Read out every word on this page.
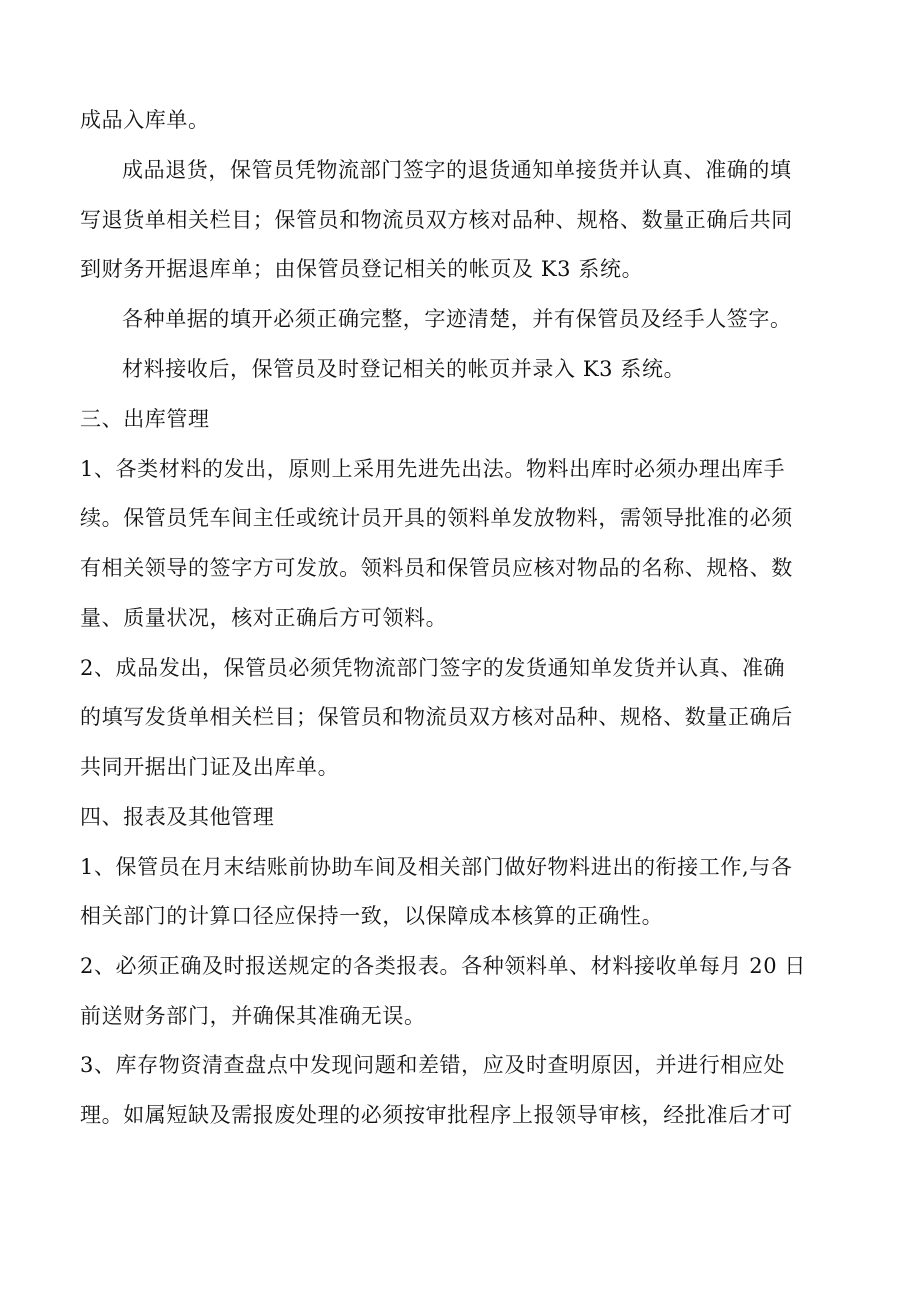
成品入库单。
成品退货，保管员凭物流部门签字的退货通知单接货并认真、准确的填
写退货单相关栏目；保管员和物流员双方核对品种、规格、数量正确后共同
到财务开据退库单；由保管员登记相关的帐页及 K3 系统。
各种单据的填开必须正确完整，字迹清楚，并有保管员及经手人签字。
材料接收后，保管员及时登记相关的帐页并录入 K3 系统。
三、出库管理
1、各类材料的发出，原则上采用先进先出法。物料出库时必须办理出库手
续。保管员凭车间主任或统计员开具的领料单发放物料，需领导批准的必须
有相关领导的签字方可发放。领料员和保管员应核对物品的名称、规格、数
量、质量状况，核对正确后方可领料。
2、成品发出，保管员必须凭物流部门签字的发货通知单发货并认真、准确
的填写发货单相关栏目；保管员和物流员双方核对品种、规格、数量正确后
共同开据出门证及出库单。
四、报表及其他管理
1、保管员在月末结账前协助车间及相关部门做好物料进出的衔接工作,与各
相关部门的计算口径应保持一致，以保障成本核算的正确性。
2、必须正确及时报送规定的各类报表。各种领料单、材料接收单每月 20 日
前送财务部门，并确保其准确无误。
3、库存物资清查盘点中发现问题和差错，应及时查明原因，并进行相应处
理。如属短缺及需报废处理的必须按审批程序上报领导审核，经批准后才可
